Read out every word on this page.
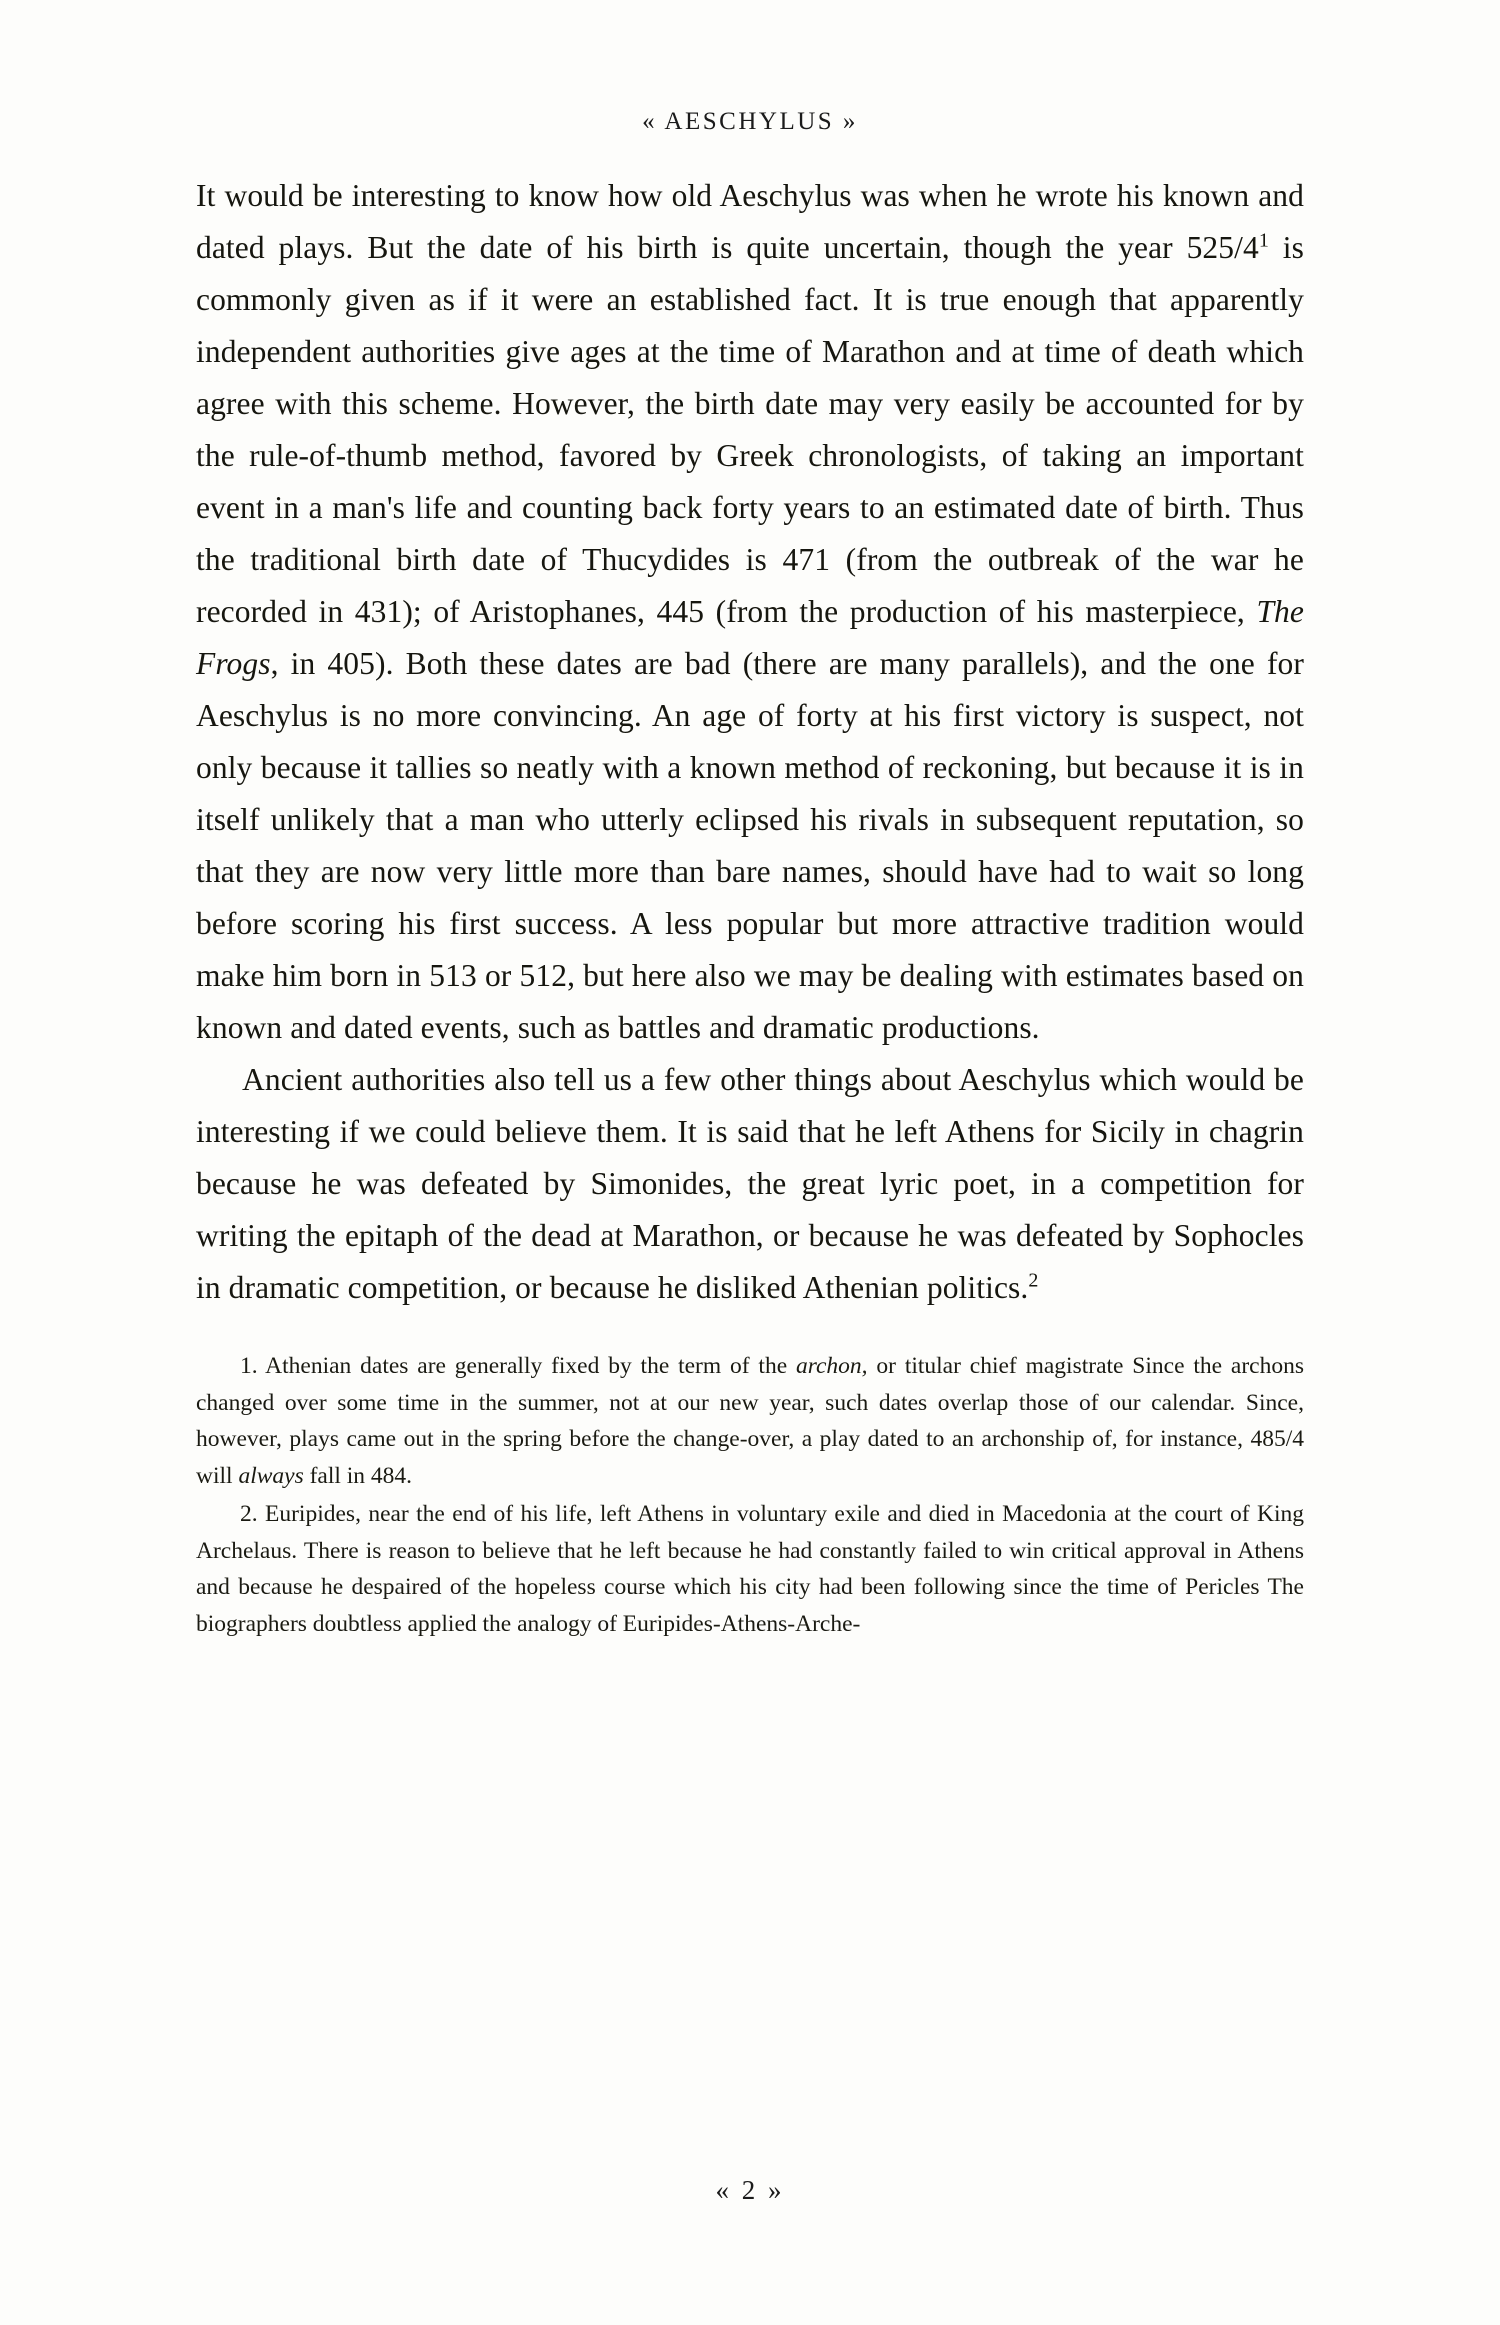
« AESCHYLUS »

It would be interesting to know how old Aeschylus was when he wrote his known and dated plays. But the date of his birth is quite uncertain, though the year 525/4$^1$ is commonly given as if it were an established fact. It is true enough that apparently independent authorities give ages at the time of Marathon and at time of death which agree with this scheme. However, the birth date may very easily be accounted for by the rule-of-thumb method, favored by Greek chronologists, of taking an important event in a man's life and counting back forty years to an estimated date of birth. Thus the traditional birth date of Thucydides is 471 (from the outbreak of the war he recorded in 431); of Aristophanes, 445 (from the production of his masterpiece, The Frogs, in 405). Both these dates are bad (there are many parallels), and the one for Aeschylus is no more convincing. An age of forty at his first victory is suspect, not only because it tallies so neatly with a known method of reckoning, but because it is in itself unlikely that a man who utterly eclipsed his rivals in subsequent reputation, so that they are now very little more than bare names, should have had to wait so long before scoring his first success. A less popular but more attractive tradition would make him born in 513 or 512, but here also we may be dealing with estimates based on known and dated events, such as battles and dramatic productions.

Ancient authorities also tell us a few other things about Aeschylus which would be interesting if we could believe them. It is said that he left Athens for Sicily in chagrin because he was defeated by Simonides, the great lyric poet, in a competition for writing the epitaph of the dead at Marathon, or because he was defeated by Sophocles in dramatic competition, or because he disliked Athenian politics.$^2$

1. Athenian dates are generally fixed by the term of the archon, or titular chief magistrate Since the archons changed over some time in the summer, not at our new year, such dates overlap those of our calendar. Since, however, plays came out in the spring before the change-over, a play dated to an archonship of, for instance, 485/4 will always fall in 484.

2. Euripides, near the end of his life, left Athens in voluntary exile and died in Macedonia at the court of King Archelaus. There is reason to believe that he left because he had constantly failed to win critical approval in Athens and because he despaired of the hopeless course which his city had been following since the time of Pericles The biographers doubtless applied the analogy of Euripides-Athens-Arche-

« 2 »
